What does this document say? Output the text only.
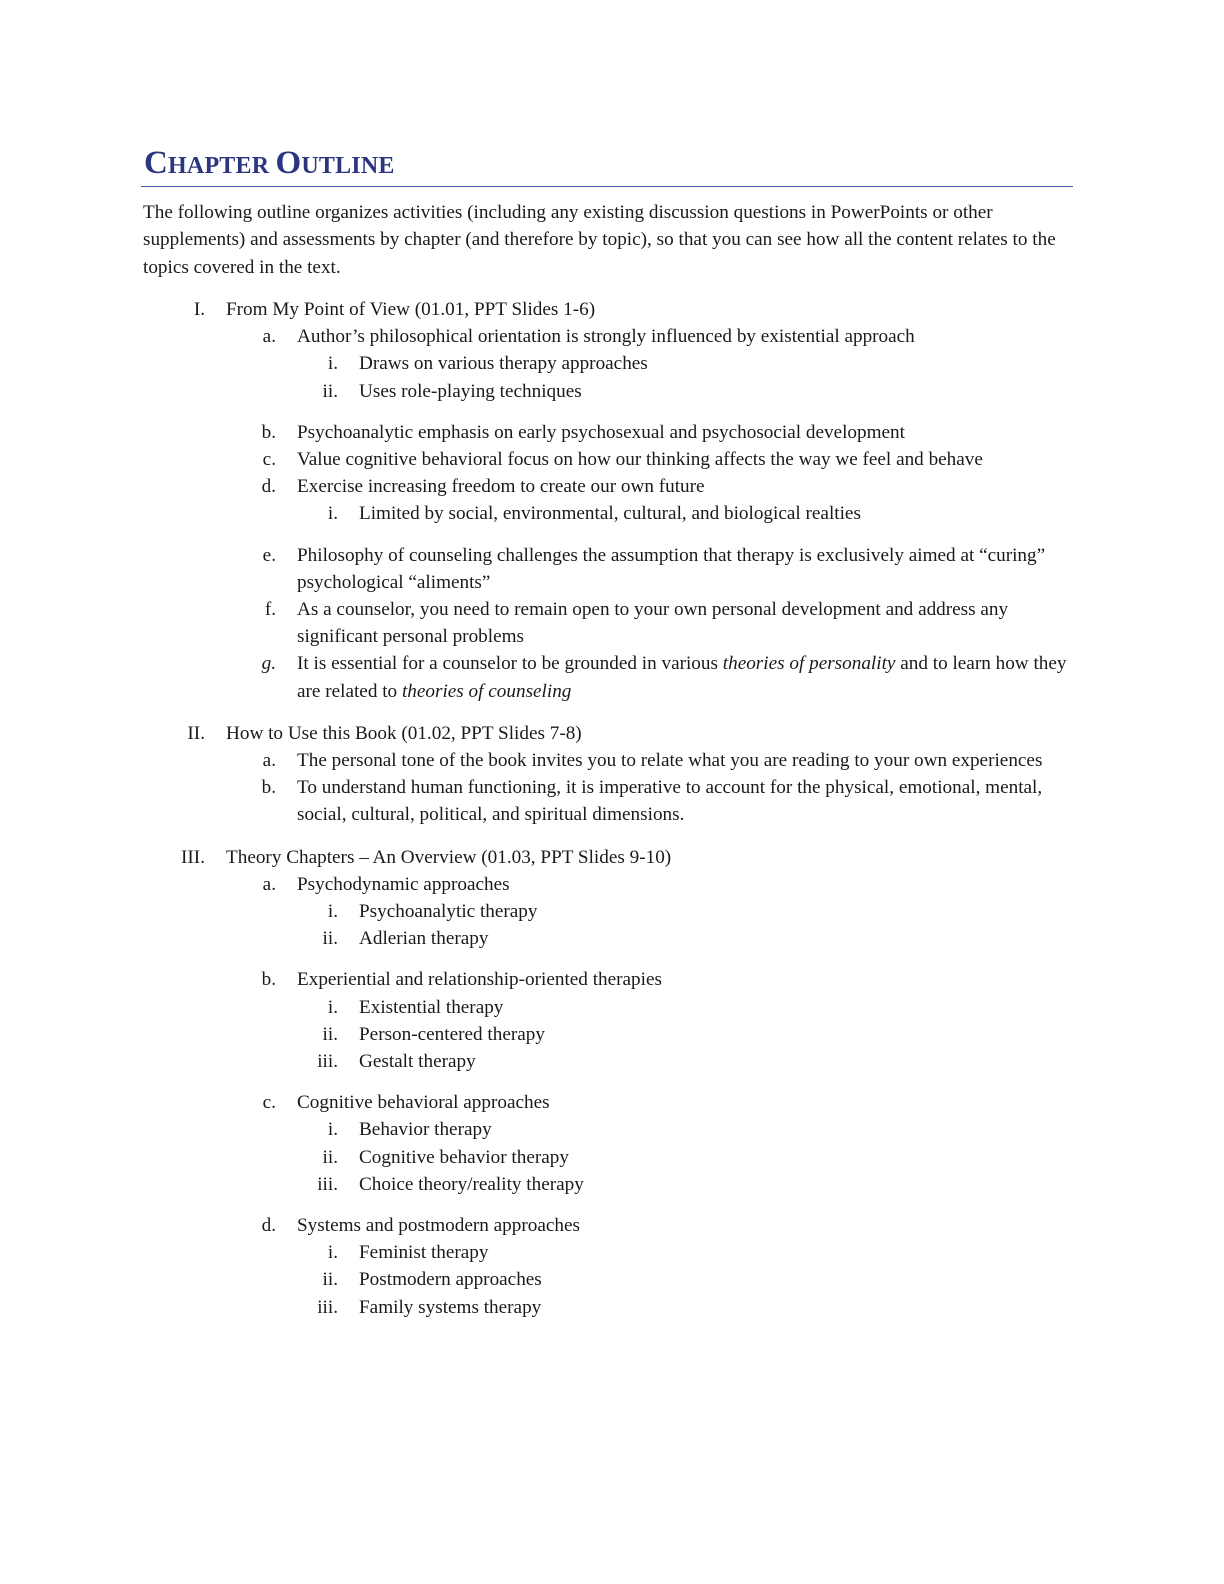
CHAPTER OUTLINE

The following outline organizes activities (including any existing discussion questions in PowerPoints or other supplements) and assessments by chapter (and therefore by topic), so that you can see how all the content relates to the topics covered in the text.

I. From My Point of View (01.01, PPT Slides 1-6)
a. Author’s philosophical orientation is strongly influenced by existential approach
i. Draws on various therapy approaches
ii. Uses role-playing techniques
b. Psychoanalytic emphasis on early psychosexual and psychosocial development
c. Value cognitive behavioral focus on how our thinking affects the way we feel and behave
d. Exercise increasing freedom to create our own future
i. Limited by social, environmental, cultural, and biological realties
e. Philosophy of counseling challenges the assumption that therapy is exclusively aimed at “curing” psychological “aliments”
f. As a counselor, you need to remain open to your own personal development and address any significant personal problems
g. It is essential for a counselor to be grounded in various theories of personality and to learn how they are related to theories of counseling
II. How to Use this Book (01.02, PPT Slides 7-8)
a. The personal tone of the book invites you to relate what you are reading to your own experiences
b. To understand human functioning, it is imperative to account for the physical, emotional, mental, social, cultural, political, and spiritual dimensions.
III. Theory Chapters – An Overview (01.03, PPT Slides 9-10)
a. Psychodynamic approaches
i. Psychoanalytic therapy
ii. Adlerian therapy
b. Experiential and relationship-oriented therapies
i. Existential therapy
ii. Person-centered therapy
iii. Gestalt therapy
c. Cognitive behavioral approaches
i. Behavior therapy
ii. Cognitive behavior therapy
iii. Choice theory/reality therapy
d. Systems and postmodern approaches
i. Feminist therapy
ii. Postmodern approaches
iii. Family systems therapy
